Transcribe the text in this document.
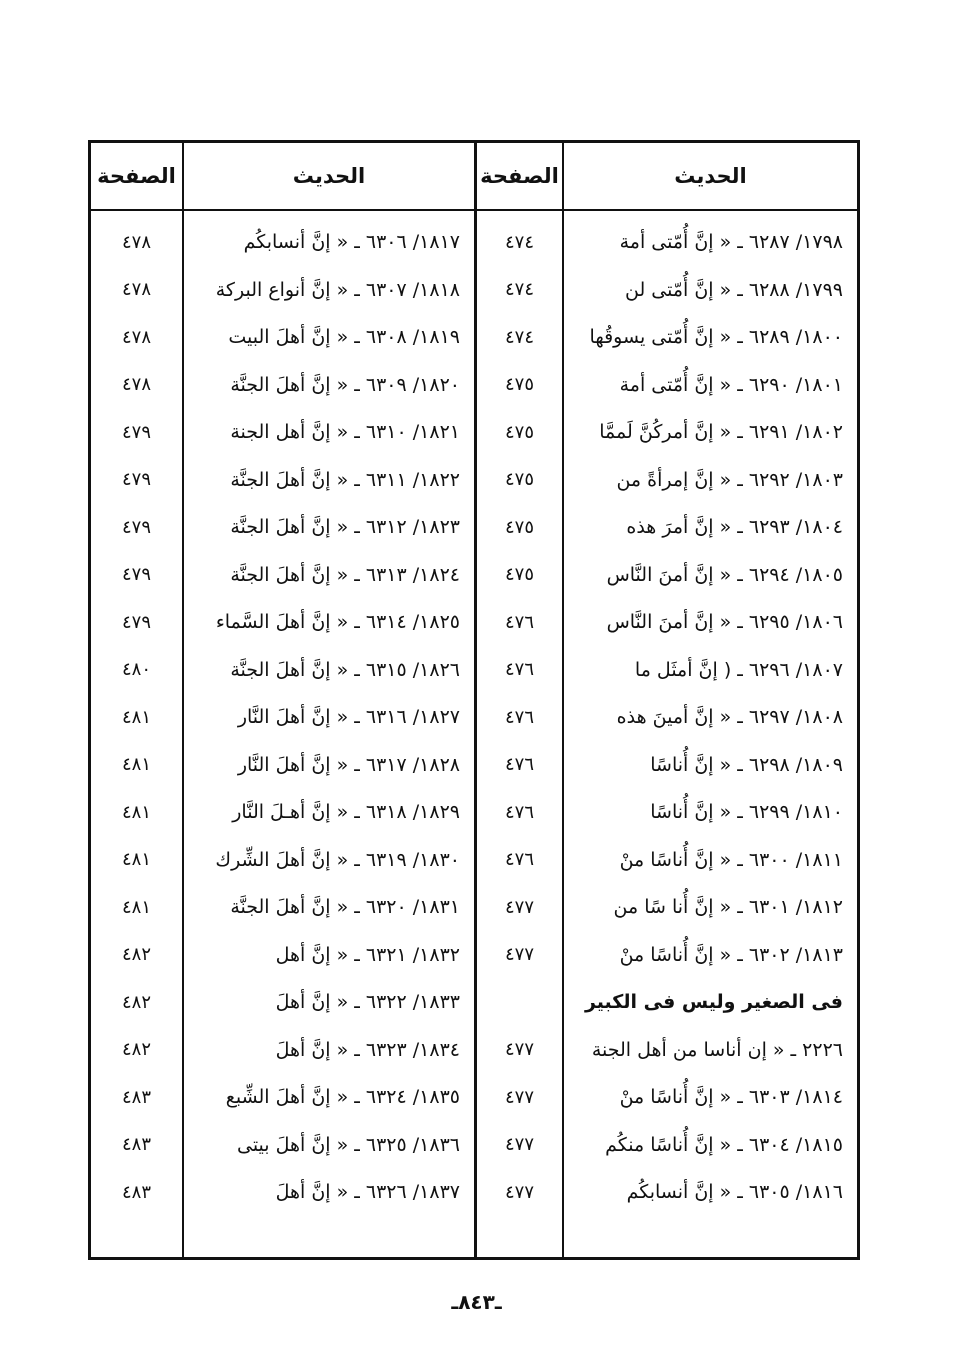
الحديث
الصفحة
الحديث
الصفحة
١٧٩٨/ ٦٢٨٧ ـ « إنَّ أُمّتى أمة
٤٧٤
١٧٩٩/ ٦٢٨٨ ـ « إنَّ أُمّتى لن
٤٧٤
١٨٠٠/ ٦٢٨٩ ـ « إنَّ أُمّتى يسوقُها
٤٧٤
١٨٠١/ ٦٢٩٠ ـ « إنَّ أُمّتى أمة
٤٧٥
١٨٠٢/ ٦٢٩١ ـ « إنَّ أمركُنَّ لَممَّا
٤٧٥
١٨٠٣/ ٦٢٩٢ ـ « إنَّ إمرأةً من
٤٧٥
١٨٠٤/ ٦٢٩٣ ـ « إنَّ أمرَ هذه
٤٧٥
١٨٠٥/ ٦٢٩٤ ـ « إنَّ أمنَ النَّاس
٤٧٥
١٨٠٦/ ٦٢٩٥ ـ « إنَّ أمنَ النَّاس
٤٧٦
١٨٠٧/ ٦٢٩٦ ـ ( إنَّ أمثَل ما
٤٧٦
١٨٠٨/ ٦٢٩٧ ـ « إنَّ أمينَ هذه
٤٧٦
١٨٠٩/ ٦٢٩٨ ـ « إنَّ أُناسًا
٤٧٦
١٨١٠/ ٦٢٩٩ ـ « إنَّ أُناسًا
٤٧٦
١٨١١/ ٦٣٠٠ ـ « إنَّ أُناسًا منْ
٤٧٦
١٨١٢/ ٦٣٠١ ـ « إنَّ أُنا سًا من
٤٧٧
١٨١٣/ ٦٣٠٢ ـ « إنَّ أُناسًا منْ
٤٧٧
فى الصغير وليس فى الكبير
٢٢٢٦ ـ « إن أناسا من أهل الجنة
٤٧٧
١٨١٤/ ٦٣٠٣ ـ « إنَّ أُناسًا منْ
٤٧٧
١٨١٥/ ٦٣٠٤ ـ « إنَّ أُناسًا منكُم
٤٧٧
١٨١٦/ ٦٣٠٥ ـ « إنَّ أنسابكُم
٤٧٧
١٨١٧/ ٦٣٠٦ ـ « إنَّ أنسابكُم
٤٧٨
١٨١٨/ ٦٣٠٧ ـ « إنَّ أنواع البركة
٤٧٨
١٨١٩/ ٦٣٠٨ ـ « إنَّ أهلَ البيت
٤٧٨
١٨٢٠/ ٦٣٠٩ ـ « إنَّ أهلَ الجنَّة
٤٧٨
١٨٢١/ ٦٣١٠ ـ « إنَّ أهل الجنة
٤٧٩
١٨٢٢/ ٦٣١١ ـ « إنَّ أهلَ الجنَّة
٤٧٩
١٨٢٣/ ٦٣١٢ ـ « إنَّ أهلَ الجنَّة
٤٧٩
١٨٢٤/ ٦٣١٣ ـ « إنَّ أهلَ الجنَّة
٤٧٩
١٨٢٥/ ٦٣١٤ ـ « إنَّ أهلَ السَّماء
٤٧٩
١٨٢٦/ ٦٣١٥ ـ « إنَّ أهلَ الجنَّة
٤٨٠
١٨٢٧/ ٦٣١٦ ـ « إنَّ أهلَ النَّار
٤٨١
١٨٢٨/ ٦٣١٧ ـ « إنَّ أهلَ النَّار
٤٨١
١٨٢٩/ ٦٣١٨ ـ « إنَّ أهـلَ النَّار
٤٨١
١٨٣٠/ ٦٣١٩ ـ « إنَّ أهلَ الشِّرك
٤٨١
١٨٣١/ ٦٣٢٠ ـ « إنَّ أهلَ الجنَّة
٤٨١
١٨٣٢/ ٦٣٢١ ـ « إنَّ أهل
٤٨٢
١٨٣٣/ ٦٣٢٢ ـ « إنَّ أهلَ
٤٨٢
١٨٣٤/ ٦٣٢٣ ـ « إنَّ أهلَ
٤٨٢
١٨٣٥/ ٦٣٢٤ ـ « إنَّ أهلَ الشِّبع
٤٨٣
١٨٣٦/ ٦٣٢٥ ـ « إنَّ أهلَ بيتى
٤٨٣
١٨٣٧/ ٦٣٢٦ ـ « إنَّ أهلَ
٤٨٣
ـ٨٤٣ـ
